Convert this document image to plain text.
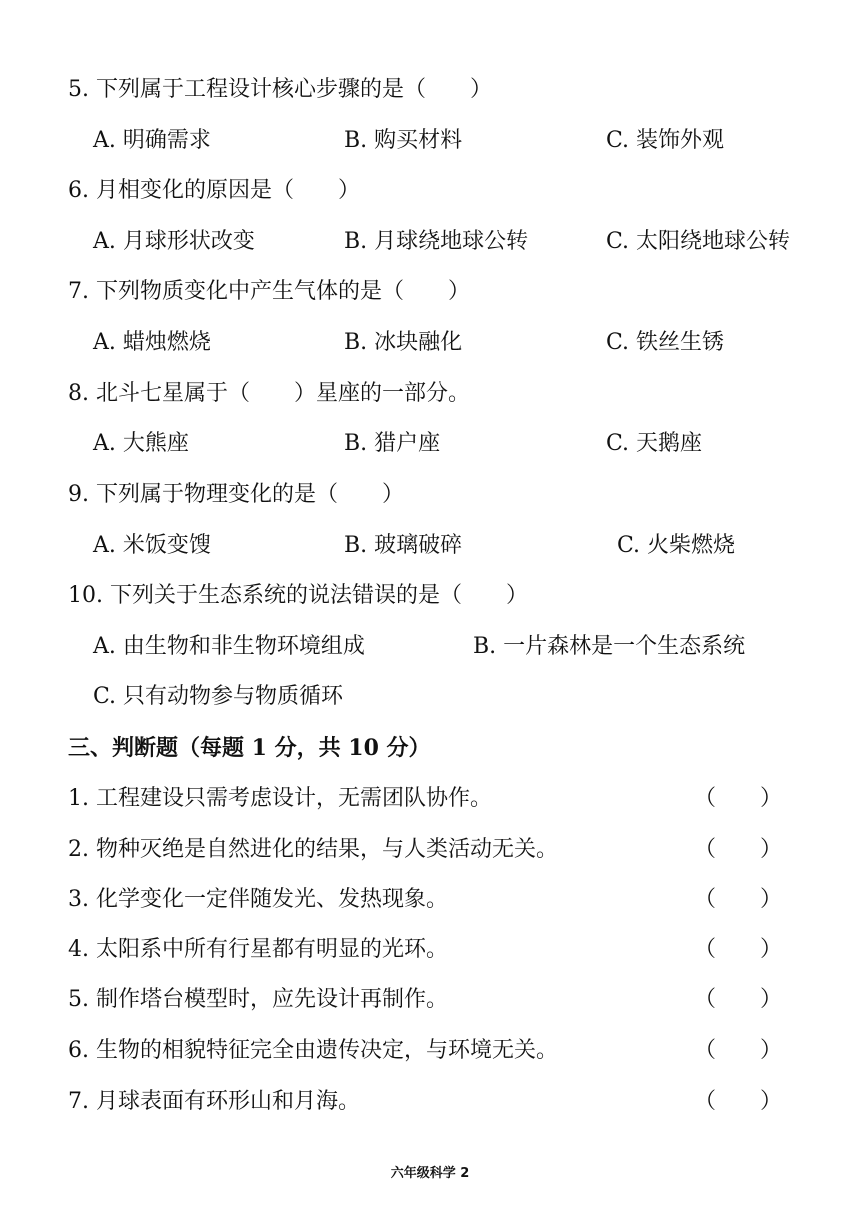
5. 下列属于工程设计核心步骤的是（　　）
A. 明确需求	B. 购买材料	C. 装饰外观
6. 月相变化的原因是（　　）
A. 月球形状改变	B. 月球绕地球公转	C. 太阳绕地球公转
7. 下列物质变化中产生气体的是（　　）
A. 蜡烛燃烧	B. 冰块融化	C. 铁丝生锈
8. 北斗七星属于（　　）星座的一部分。
A. 大熊座	B. 猎户座	C. 天鹅座
9. 下列属于物理变化的是（　　）
A. 米饭变馊	B. 玻璃破碎	C. 火柴燃烧
10. 下列关于生态系统的说法错误的是（　　）
A. 由生物和非生物环境组成	B. 一片森林是一个生态系统
C. 只有动物参与物质循环
三、判断题（每题 1 分，共 10 分）
1. 工程建设只需考虑设计，无需团队协作。	（　　）
2. 物种灭绝是自然进化的结果，与人类活动无关。	（　　）
3. 化学变化一定伴随发光、发热现象。	（　　）
4. 太阳系中所有行星都有明显的光环。	（　　）
5. 制作塔台模型时，应先设计再制作。	（　　）
6. 生物的相貌特征完全由遗传决定，与环境无关。	（　　）
7. 月球表面有环形山和月海。	（　　）
六年级科学 2
